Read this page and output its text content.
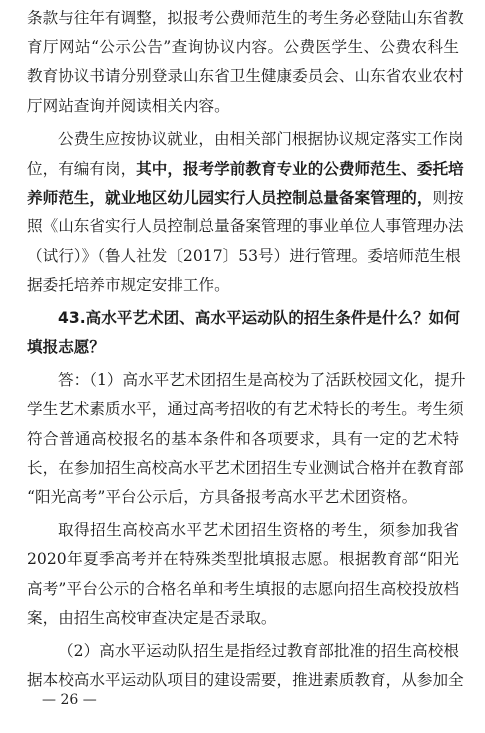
条款与往年有调整，拟报考公费师范生的考生务必登陆山东省教
育厅网站“公示公告”查询协议内容。公费医学生、公费农科生
教育协议书请分别登录山东省卫生健康委员会、山东省农业农村
厅网站查询并阅读相关内容。
公费生应按协议就业，由相关部门根据协议规定落实工作岗
位，有编有岗，其中，报考学前教育专业的公费师范生、委托培
养师范生，就业地区幼儿园实行人员控制总量备案管理的，则按
照《山东省实行人员控制总量备案管理的事业单位人事管理办法
（试行）》（鲁人社发〔2017〕53号）进行管理。委培师范生根
据委托培养市规定安排工作。
43.高水平艺术团、高水平运动队的招生条件是什么？如何
填报志愿？
答：（1）高水平艺术团招生是高校为了活跃校园文化，提升
学生艺术素质水平，通过高考招收的有艺术特长的考生。考生须
符合普通高校报名的基本条件和各项要求，具有一定的艺术特
长，在参加招生高校高水平艺术团招生专业测试合格并在教育部
“阳光高考”平台公示后，方具备报考高水平艺术团资格。
取得招生高校高水平艺术团招生资格的考生，须参加我省
2020年夏季高考并在特殊类型批填报志愿。根据教育部“阳光
高考”平台公示的合格名单和考生填报的志愿向招生高校投放档
案，由招生高校审查决定是否录取。
（2）高水平运动队招生是指经过教育部批准的招生高校根
据本校高水平运动队项目的建设需要，推进素质教育，从参加全
— 26 —
